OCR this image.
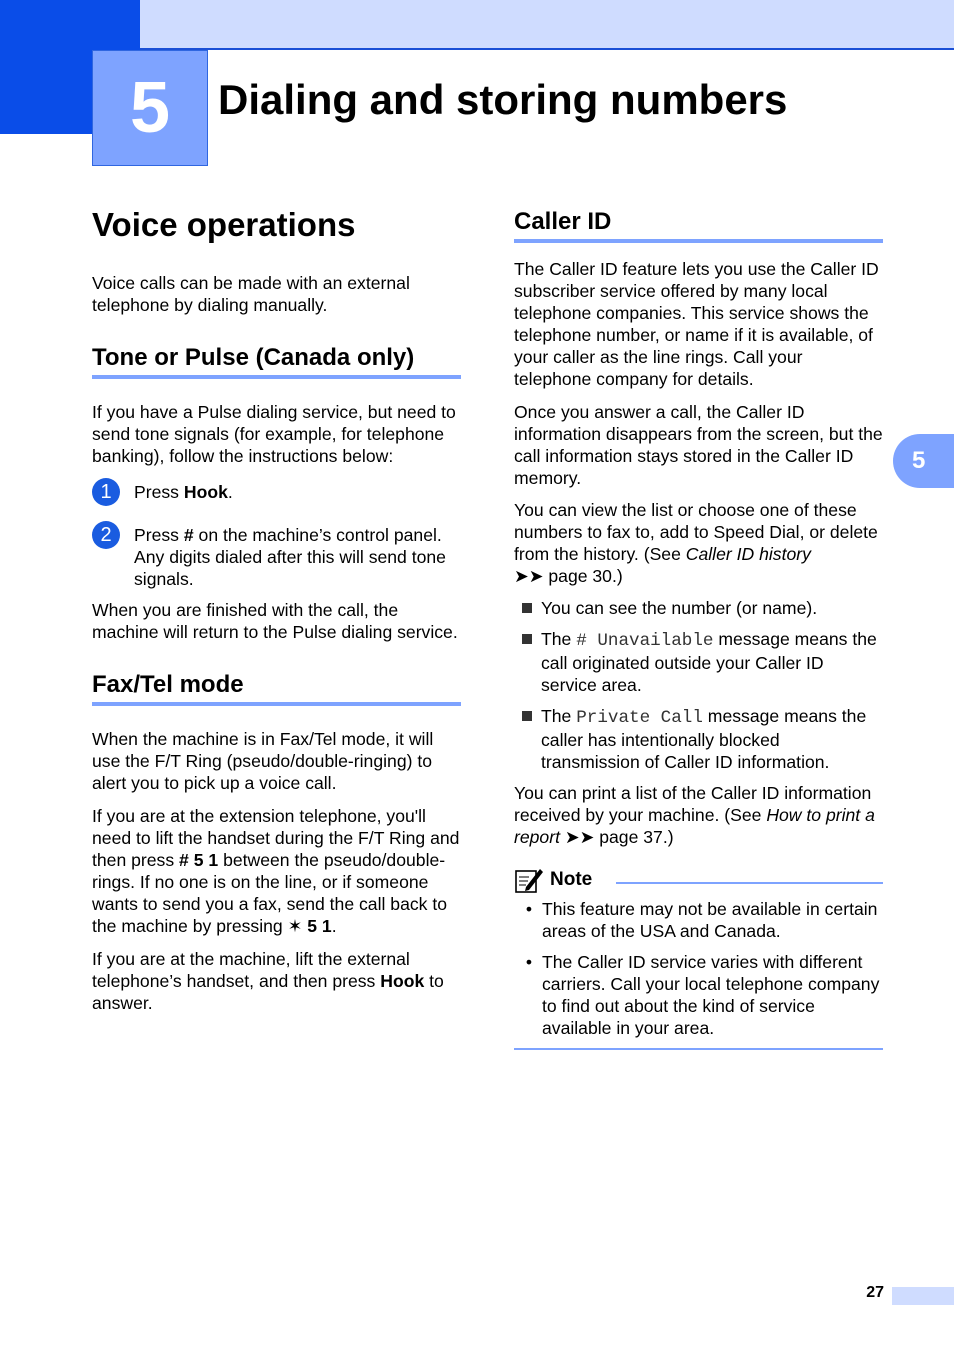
5 Dialing and storing numbers
Voice operations

Voice calls can be made with an external telephone by dialing manually.

Tone or Pulse (Canada only)

If you have a Pulse dialing service, but need to send tone signals (for example, for telephone banking), follow the instructions below:

1	Press Hook.
2	Press # on the machine’s control panel. Any digits dialed after this will send tone signals.

When you are finished with the call, the machine will return to the Pulse dialing service.

Fax/Tel mode

When the machine is in Fax/Tel mode, it will use the F/T Ring (pseudo/double-ringing) to alert you to pick up a voice call.

If you are at the extension telephone, you'll need to lift the handset during the F/T Ring and then press # 5 1 between the pseudo/double-rings. If no one is on the line, or if someone wants to send you a fax, send the call back to the machine by pressing ✶ 5 1.

If you are at the machine, lift the external telephone’s handset, and then press Hook to answer.

Caller ID

The Caller ID feature lets you use the Caller ID subscriber service offered by many local telephone companies. This service shows the telephone number, or name if it is available, of your caller as the line rings. Call your telephone company for details.

Once you answer a call, the Caller ID information disappears from the screen, but the call information stays stored in the Caller ID memory.

You can view the list or choose one of these numbers to fax to, add to Speed Dial, or delete from the history. (See Caller ID history
➤➤ page 30.)

You can see the number (or name).
The # Unavailable message means the call originated outside your Caller ID service area.
The Private Call message means the caller has intentionally blocked transmission of Caller ID information.

You can print a list of the Caller ID information received by your machine. (See How to print a report ➤➤ page 37.)

Note
• This feature may not be available in certain areas of the USA and Canada.
• The Caller ID service varies with different carriers. Call your local telephone company to find out about the kind of service available in your area.
5
27
